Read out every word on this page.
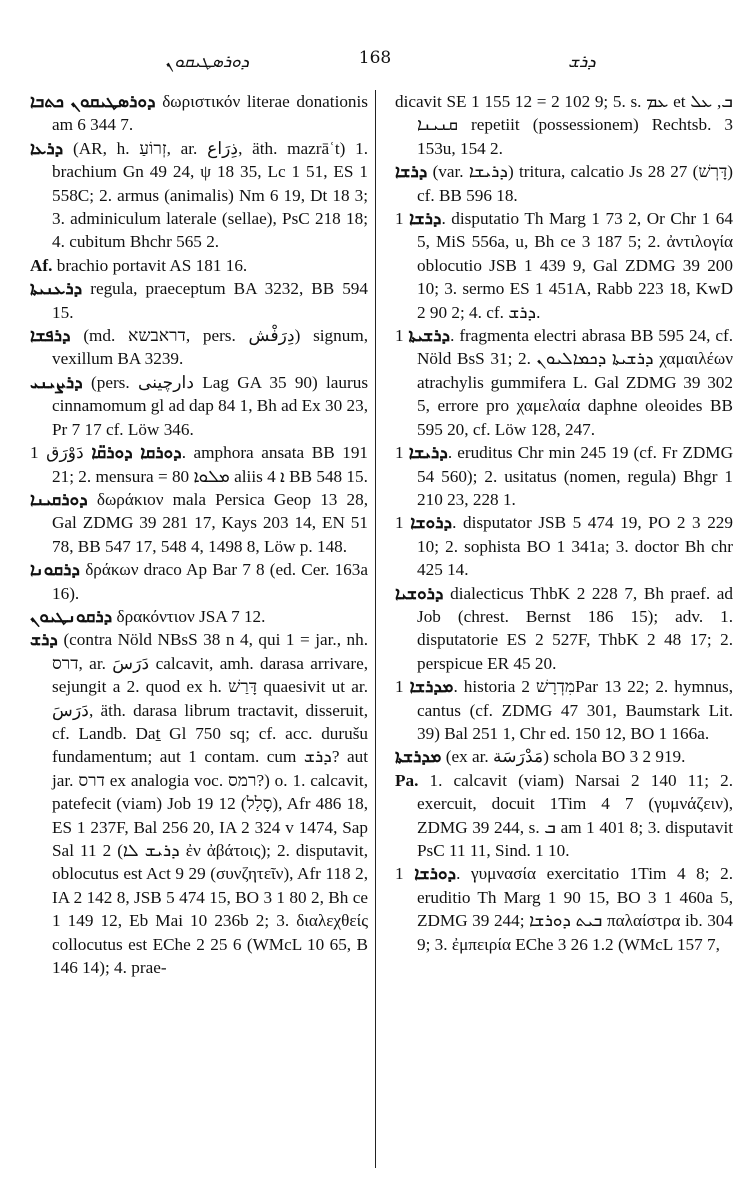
ܕܘܪܣܛܝܩܘܢ	168	ܕܪܫ

ܕܘܪܣܛܝܩܘܢ ܟܬܒܐ δωριστικόν literae donationis am 6 344 7.

ܕܪܥܐ (AR, h. זְרוֹעַ, ar. ذِرَاع, äth. mazrāʿt) 1. brachium Gn 49 24, ψ 18 35, Lc 1 51, ES 1 558C; 2. armus (animalis) Nm 6 19, Dt 18 3; 3. adminiculum laterale (sellae), PsC 218 18; 4. cubitum Bhchr 565 2.

Af. brachio portavit AS 181 16.

ܕܪܥܢܝܬܐ regula, praeceptum BA 3232, BB 594 15.

ܕܪܦܫܐ (md. דראבשא, pers. دِرَفْش) signum, vexillum BA 3239.

ܕܪܨܝܢܝ (pers. دارچینی Lag GA 35 90) laurus cinnamomum gl ad dap 84 1, Bh ad Ex 30 23, Pr 7 17 cf. Löw 346.

ܕܘܪܩܐ ܕܘܪܩ̈ܐ دَوْرَق 1. amphora ansata BB 191 21; 2. mensura = 80 ܡܠܘܐ aliis 4 ܐ BB 548 15.

ܕܘܪܩܝܢܐ δωράκιον mala Persica Geop 13 28, Gal ZDMG 39 281 17, Kays 203 14, EN 51 78, BB 547 17, 548 4, 1498 8, Löw p. 148.

ܕܪܩܘܢܐ δράκων draco Ap Bar 7 8 (ed. Cer. 163a 16).

ܕܪܩܘܢܛܝܘܢ δρακόντιον JSA 7 12.

ܕܪܫ (contra Nöld NBsS 38 n 4, qui 1 = jar., nh. דרס, ar. دَرَسَ calcavit, amh. darasa arrivare, sejungit a 2. quod ex h. דָּרַשׁ quaesivit ut ar. دَرَسَ, äth. darasa librum tractavit, disseruit, cf. Landb. Daṯ Gl 750 sq; cf. acc. durušu fundamentum; aut 1 contam. cum ܕܪܫ? aut jar. דרס ex analogia voc. רמס?) o. 1. calcavit, patefecit (viam) Job 19 12 (סָלַל), Afr 486 18, ES 1 237F, Bal 256 20, IA 2 324 v 1474, Sap Sal 11 2 (ܕܪܝܫ ܠܐ ἐν ἀβάτοις); 2. disputavit, oblocutus est Act 9 29 (συνζητεῖν), Afr 118 2, IA 2 142 8, JSB 5 474 15, BO 3 1 80 2, Bh ce 1 149 12, Eb Mai 10 236b 2; 3. διαλεχθείς collocutus est EChe 2 25 6 (WMcL 10 65, B 146 14); 4. prae-

dicavit SE 1 155 12 = 2 102 9; 5. s. ܥܡ et ܒ, ܥܠ ܩܢܝܢܐ repetiit (possessionem) Rechtsb. 3 153u, 154 2.

ܕܪܫܐ (var. ܕܪܝܫܐ) tritura, calcatio Js 28 27 (דָּרְשׁ) cf. BB 596 18.

ܕܪܫܐ 1. disputatio Th Marg 1 73 2, Or Chr 1 64 5, MiS 556a, u, Bh ce 3 187 5; 2. ἀντιλογία oblocutio JSB 1 439 9, Gal ZDMG 39 200 10; 3. sermo ES 1 451A, Rabb 223 18, KwD 2 90 2; 4. cf. ܕܪܫ.

ܕܪܫܝܬܐ 1. fragmenta electri abrasa BB 595 24, cf. Nöld BsS 31; 2. ܕܪܫܝܬܐ ܕܟܡܐܠܝܘܢ χαμαιλέων atrachylis gummifera L. Gal ZDMG 39 302 5, errore pro χαμελαία daphne oleoides BB 595 20, cf. Löw 128, 247.

ܕܪܝܫܐ 1. eruditus Chr min 245 19 (cf. Fr ZDMG 54 560); 2. usitatus (nomen, regula) Bhgr 1 210 23, 228 1.

ܕܪܘܫܐ 1. disputator JSB 5 474 19, PO 2 3 229 10; 2. sophista BO 1 341a; 3. doctor Bh chr 425 14.

ܕܪܘܫܝܐ dialecticus ThbK 2 228 7, Bh praef. ad Job (chrest. Bernst 186 15); adv. 1. disputatorie ES 2 527F, ThbK 2 48 17; 2. perspicue ER 45 20.

ܡܕܪܫܐ 1. historia מִדְרָשׁ 2Par 13 22; 2. hymnus, cantus (cf. ZDMG 47 301, Baumstark Lit. 39) Bal 251 1, Chr ed. 150 12, BO 1 166a.

ܡܕܪܫܬܐ (ex ar. مَدْرَسَة) schola BO 3 2 919.

Pa. 1. calcavit (viam) Narsai 2 140 11; 2. exercuit, docuit 1Tim 4 7 (γυμνάζειν), ZDMG 39 244, s. ܒ am 1 401 8; 3. disputavit PsC 11 11, Sind. 1 10.

ܕܘܪܫܐ 1. γυμνασία exercitatio 1Tim 4 8; 2. eruditio Th Marg 1 90 15, BO 3 1 460a 5, ZDMG 39 244; ܒܝܬ ܕܘܪܫܐ παλαίστρα ib. 304 9; 3. ἐμπειρία EChe 3 26 1.2 (WMcL 157 7,
